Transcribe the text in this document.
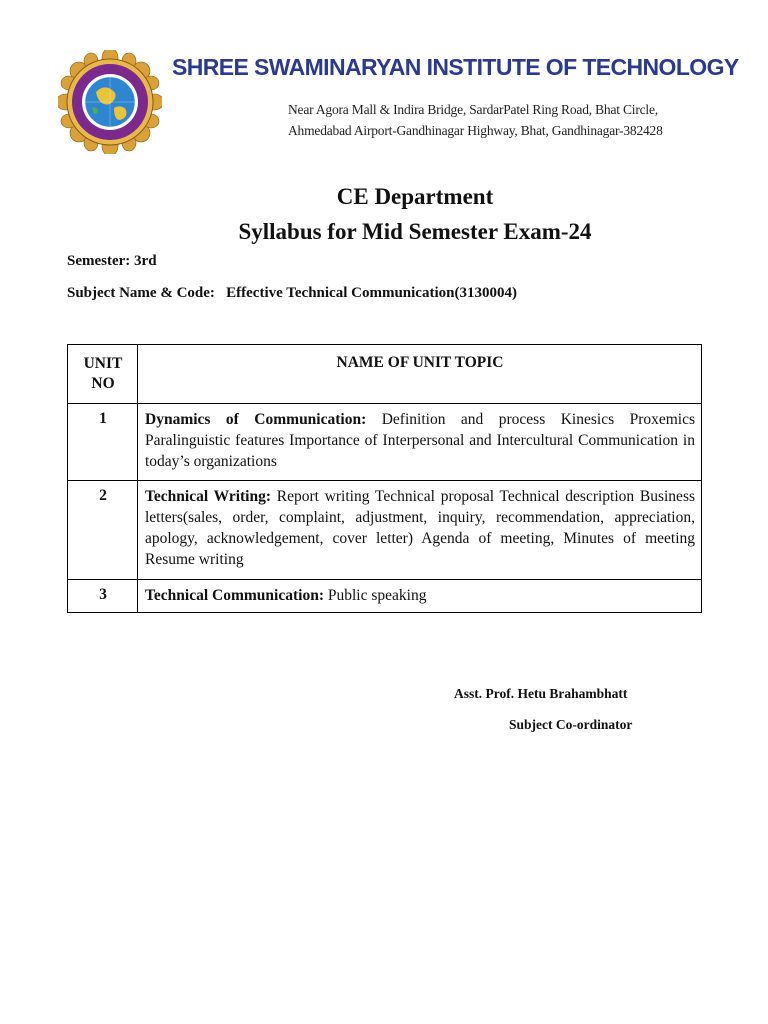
SHREE SWAMINARYAN INSTITUTE OF TECHNOLOGY
Near Agora Mall & Indira Bridge, SardarPatel Ring Road, Bhat Circle,
Ahmedabad Airport-Gandhinagar Highway, Bhat, Gandhinagar-382428
CE Department
Syllabus for Mid Semester Exam-24
Semester: 3rd
Subject Name & Code: Effective Technical Communication(3130004)
UNIT
NO	NAME OF UNIT TOPIC
1	Dynamics of Communication: Definition and process Kinesics Proxemics Paralinguistic features Importance of Interpersonal and Intercultural Communication in today’s organizations
2	Technical Writing: Report writing Technical proposal Technical description Business letters(sales, order, complaint, adjustment, inquiry, recommendation, appreciation, apology, acknowledgement, cover letter) Agenda of meeting, Minutes of meeting Resume writing
3	Technical Communication: Public speaking
Asst. Prof. Hetu Brahambhatt
Subject Co-ordinator
